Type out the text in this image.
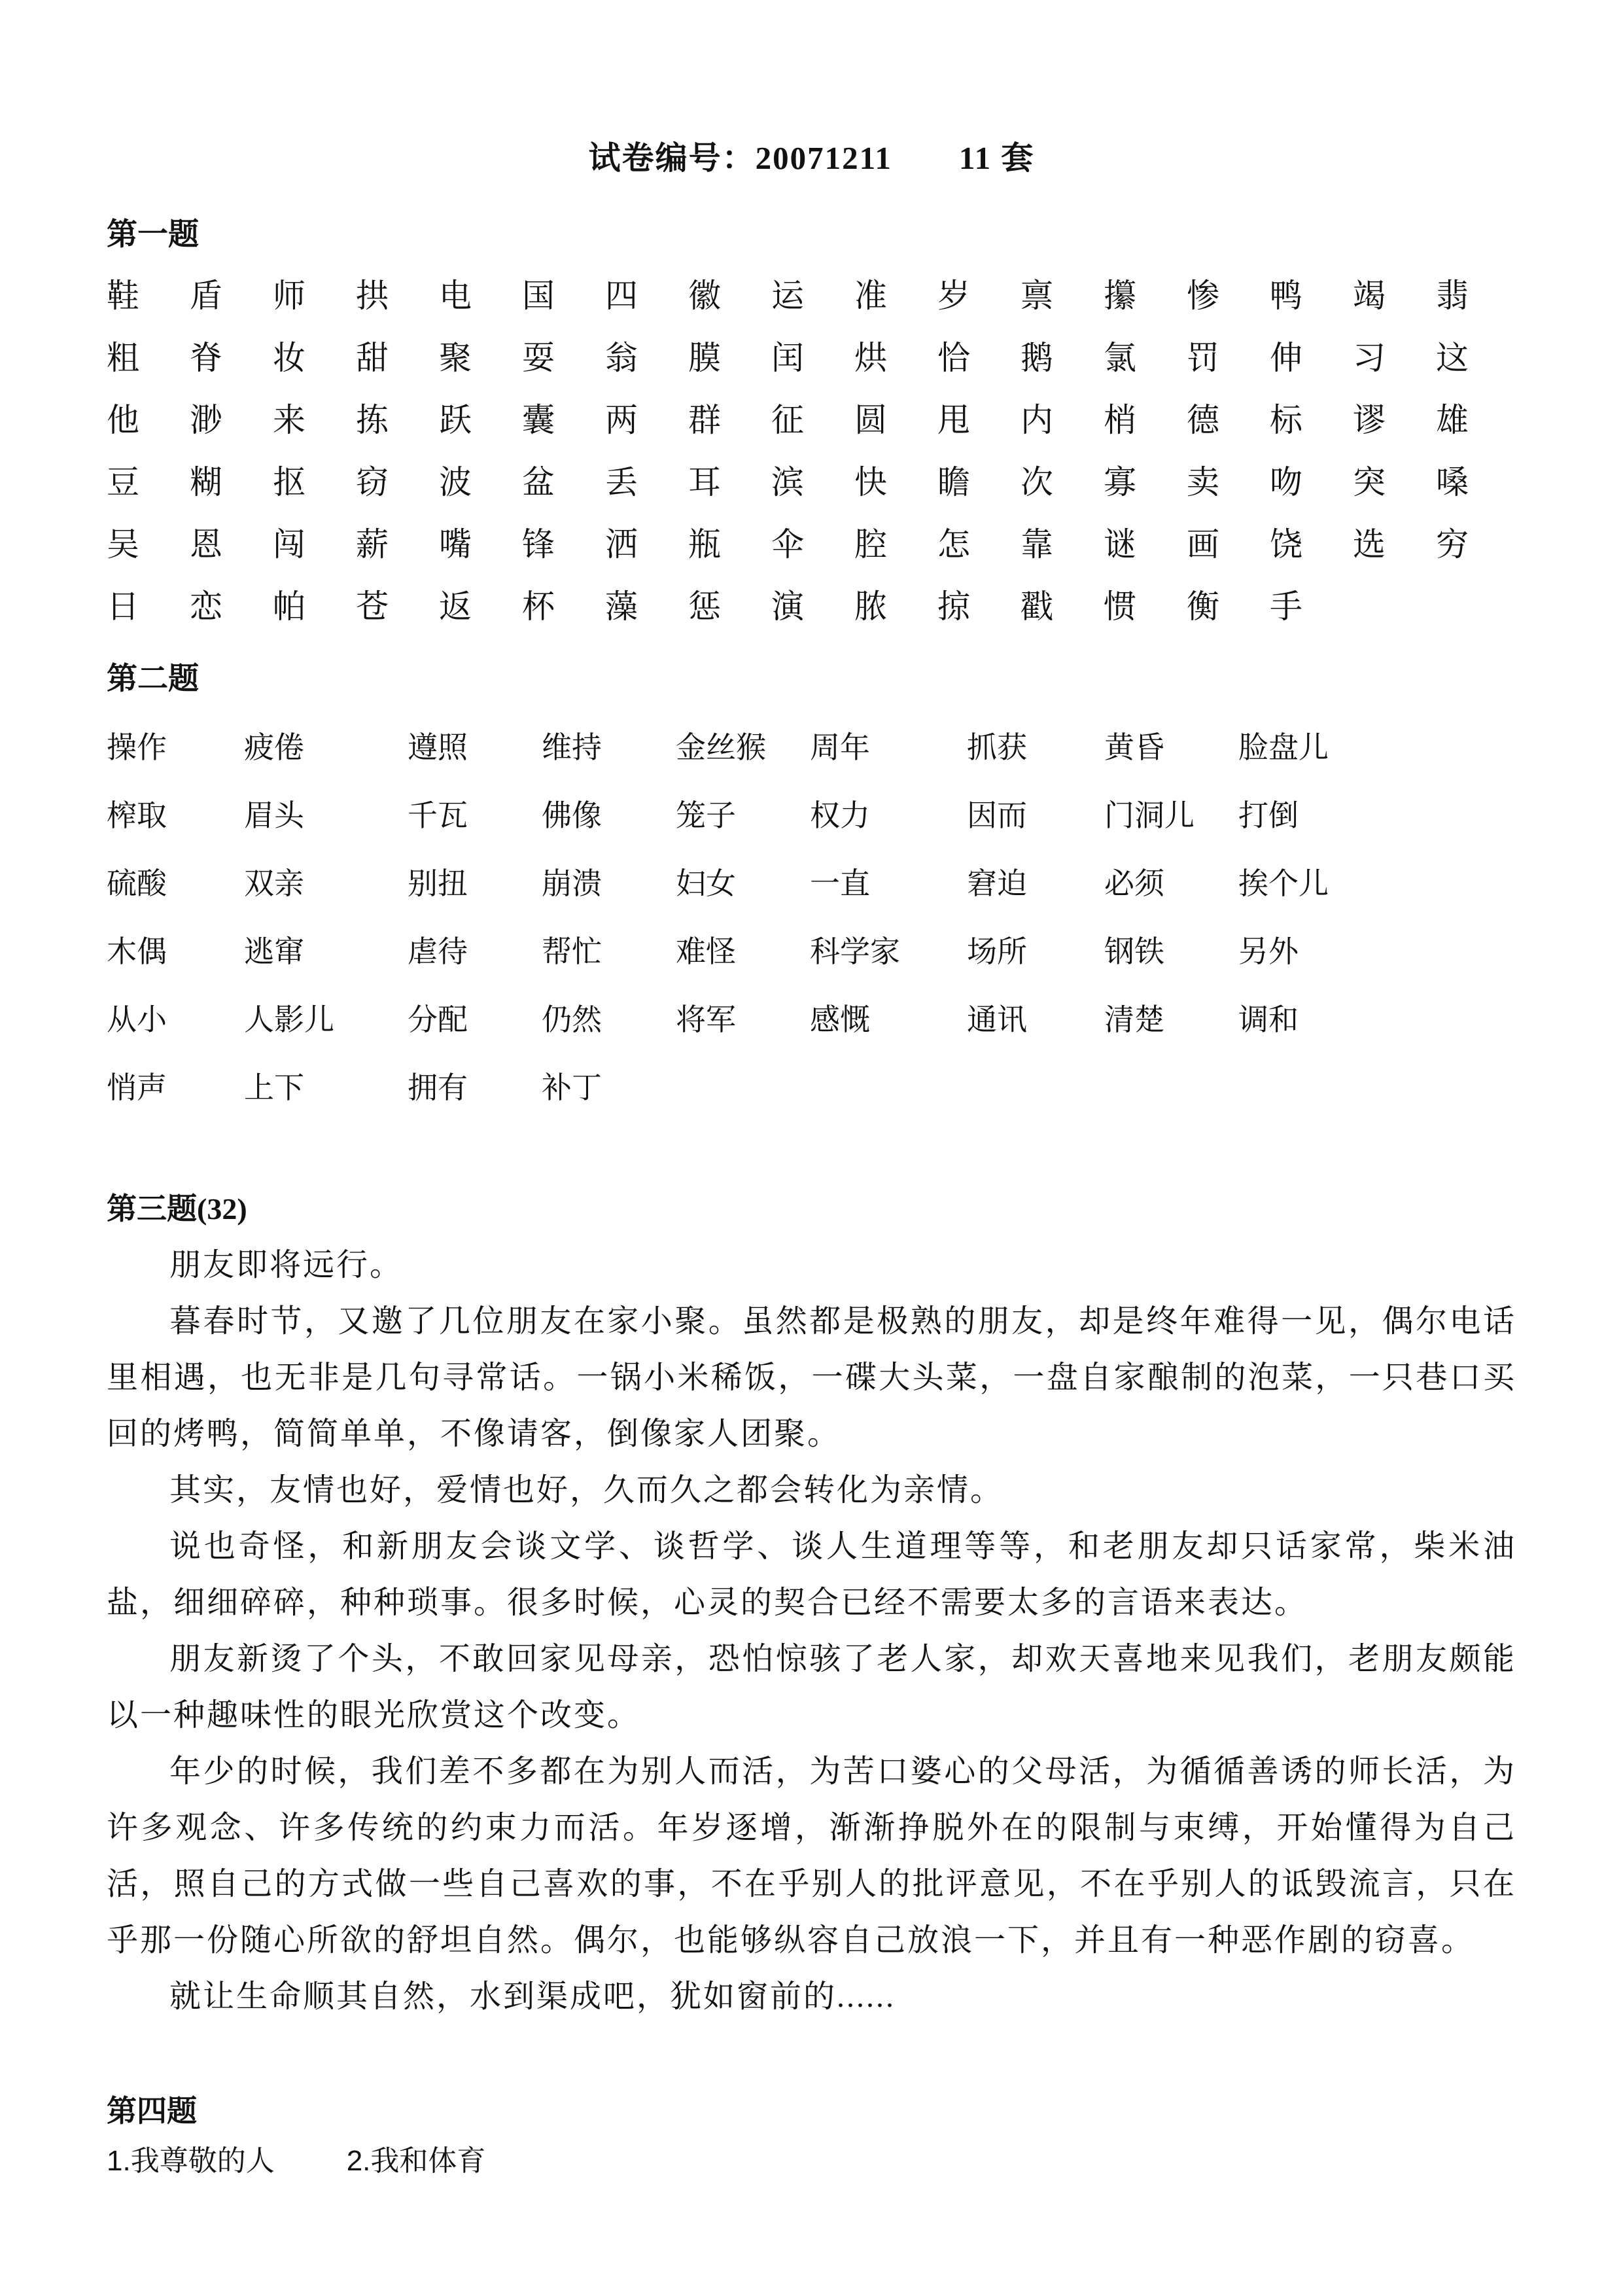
试卷编号：20071211　　11 套
第一题
鞋	盾	师	拱	电	国	四	徽	运	准	岁	禀	攥	惨	鸭	竭	翡
粗	脊	妆	甜	聚	耍	翁	膜	闰	烘	恰	鹅	氯	罚	伸	习	这
他	渺	来	拣	跃	囊	两	群	征	圆	甩	内	梢	德	标	谬	雄
豆	糊	抠	窃	波	盆	丢	耳	滨	快	瞻	次	寡	卖	吻	突	嗓
吴	恩	闯	薪	嘴	锋	洒	瓶	伞	腔	怎	靠	谜	画	饶	选	穷
日	恋	帕	苍	返	杯	藻	惩	演	脓	掠	戳	惯	衡	手
第二题
操作	疲倦	遵照	维持	金丝猴	周年	抓获	黄昏	脸盘儿
榨取	眉头	千瓦	佛像	笼子	权力	因而	门洞儿	打倒
硫酸	双亲	别扭	崩溃	妇女	一直	窘迫	必须	挨个儿
木偶	逃窜	虐待	帮忙	难怪	科学家	场所	钢铁	另外
从小	人影儿	分配	仍然	将军	感慨	通讯	清楚	调和
悄声	上下	拥有	补丁
第三题(32)

朋友即将远行。

暮春时节，又邀了几位朋友在家小聚。虽然都是极熟的朋友，却是终年难得一见，偶尔电话里相遇，也无非是几句寻常话。一锅小米稀饭，一碟大头菜，一盘自家酿制的泡菜，一只巷口买回的烤鸭，简简单单，不像请客，倒像家人团聚。

其实，友情也好，爱情也好，久而久之都会转化为亲情。

说也奇怪，和新朋友会谈文学、谈哲学、谈人生道理等等，和老朋友却只话家常，柴米油盐，细细碎碎，种种琐事。很多时候，心灵的契合已经不需要太多的言语来表达。

朋友新烫了个头，不敢回家见母亲，恐怕惊骇了老人家，却欢天喜地来见我们，老朋友颇能以一种趣味性的眼光欣赏这个改变。

年少的时候，我们差不多都在为别人而活，为苦口婆心的父母活，为循循善诱的师长活，为许多观念、许多传统的约束力而活。年岁逐增，渐渐挣脱外在的限制与束缚，开始懂得为自己活，照自己的方式做一些自己喜欢的事，不在乎别人的批评意见，不在乎别人的诋毁流言，只在乎那一份随心所欲的舒坦自然。偶尔，也能够纵容自己放浪一下，并且有一种恶作剧的窃喜。

就让生命顺其自然，水到渠成吧，犹如窗前的......

第四题
1.我尊敬的人	2.我和体育
